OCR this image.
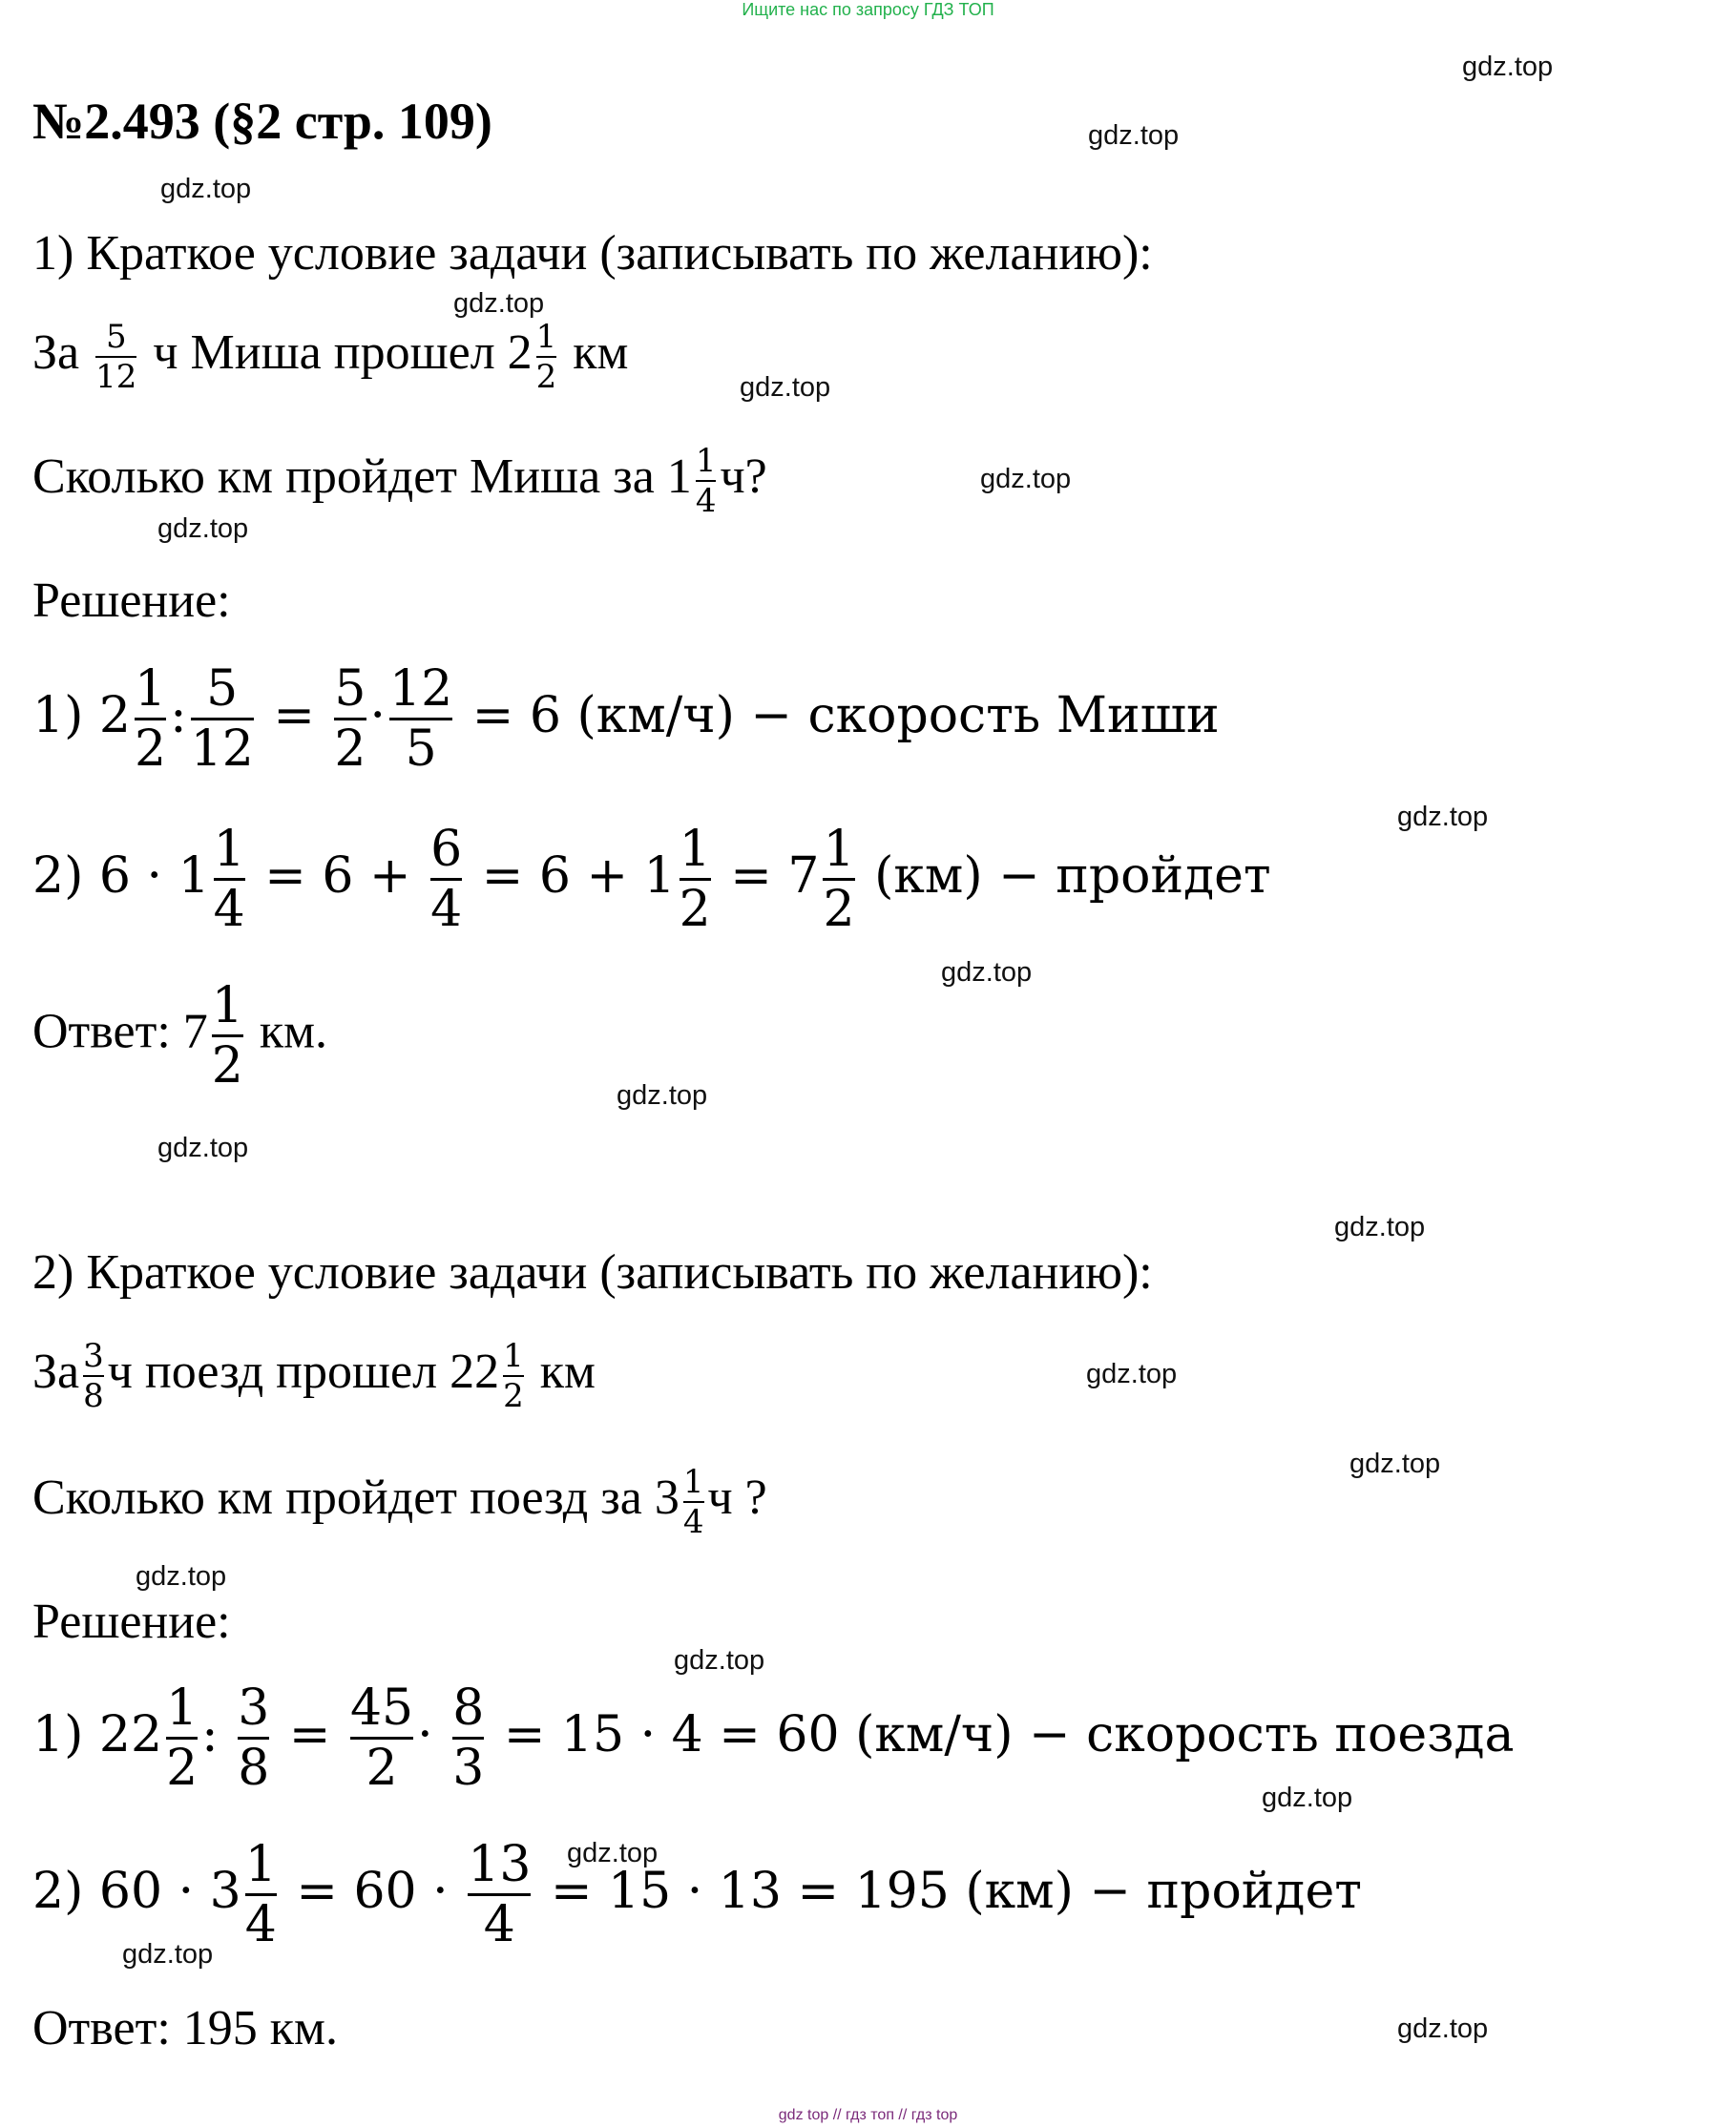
Ищите нас по запросу ГДЗ ТОП
№2.493 (§2 стр. 109)
gdz.top
gdz.top
gdz.top
gdz.top
gdz.top
gdz.top
gdz.top
gdz.top
gdz.top
gdz.top
gdz.top
gdz.top
gdz.top
gdz.top
gdz.top
gdz.top
gdz.top
gdz.top
gdz.top
gdz.top
1) Краткое условие задачи (записывать по желанию):
За $\frac{5}{12}$ ч Миша прошел $2 \frac{1}{2}$ км
Сколько км пройдет Миша за $1 \frac{1}{4} ч$?
Решение:
1) $2 \frac{1}{2}$ : $\frac{5}{12} = \frac{5}{2} \cdot \frac{12}{5} = 6$ (км/ч) − скорость Миши
2) $6 \cdot 1 \frac{1}{4} = 6 + \frac{6}{4} = 6 + 1 \frac{1}{2} = 7 \frac{1}{2} (км)$ − пройдет
Ответ: $7 \frac{1}{2}$ км.
2) Краткое условие задачи (записывать по желанию):
За $\frac{3}{8}$ ч поезд прошел $22 \frac{1}{2}$ км
Сколько км пройдет поезд за $3 \frac{1}{4}$ ч ?
Решение:
1) $22 \frac{1}{2}$ : $\frac{3}{8} = \frac{45}{2} \cdot \frac{8}{3} = 15 \cdot 4 = 60$ (км/ч) − скорость поезда
2) $60 \cdot 3 \frac{1}{4} = 60 \cdot \frac{13}{4} = 15 \cdot 13 = 195$ (км) − пройдет
Ответ: 195 км.
gdz top // гдз топ // гдз top
